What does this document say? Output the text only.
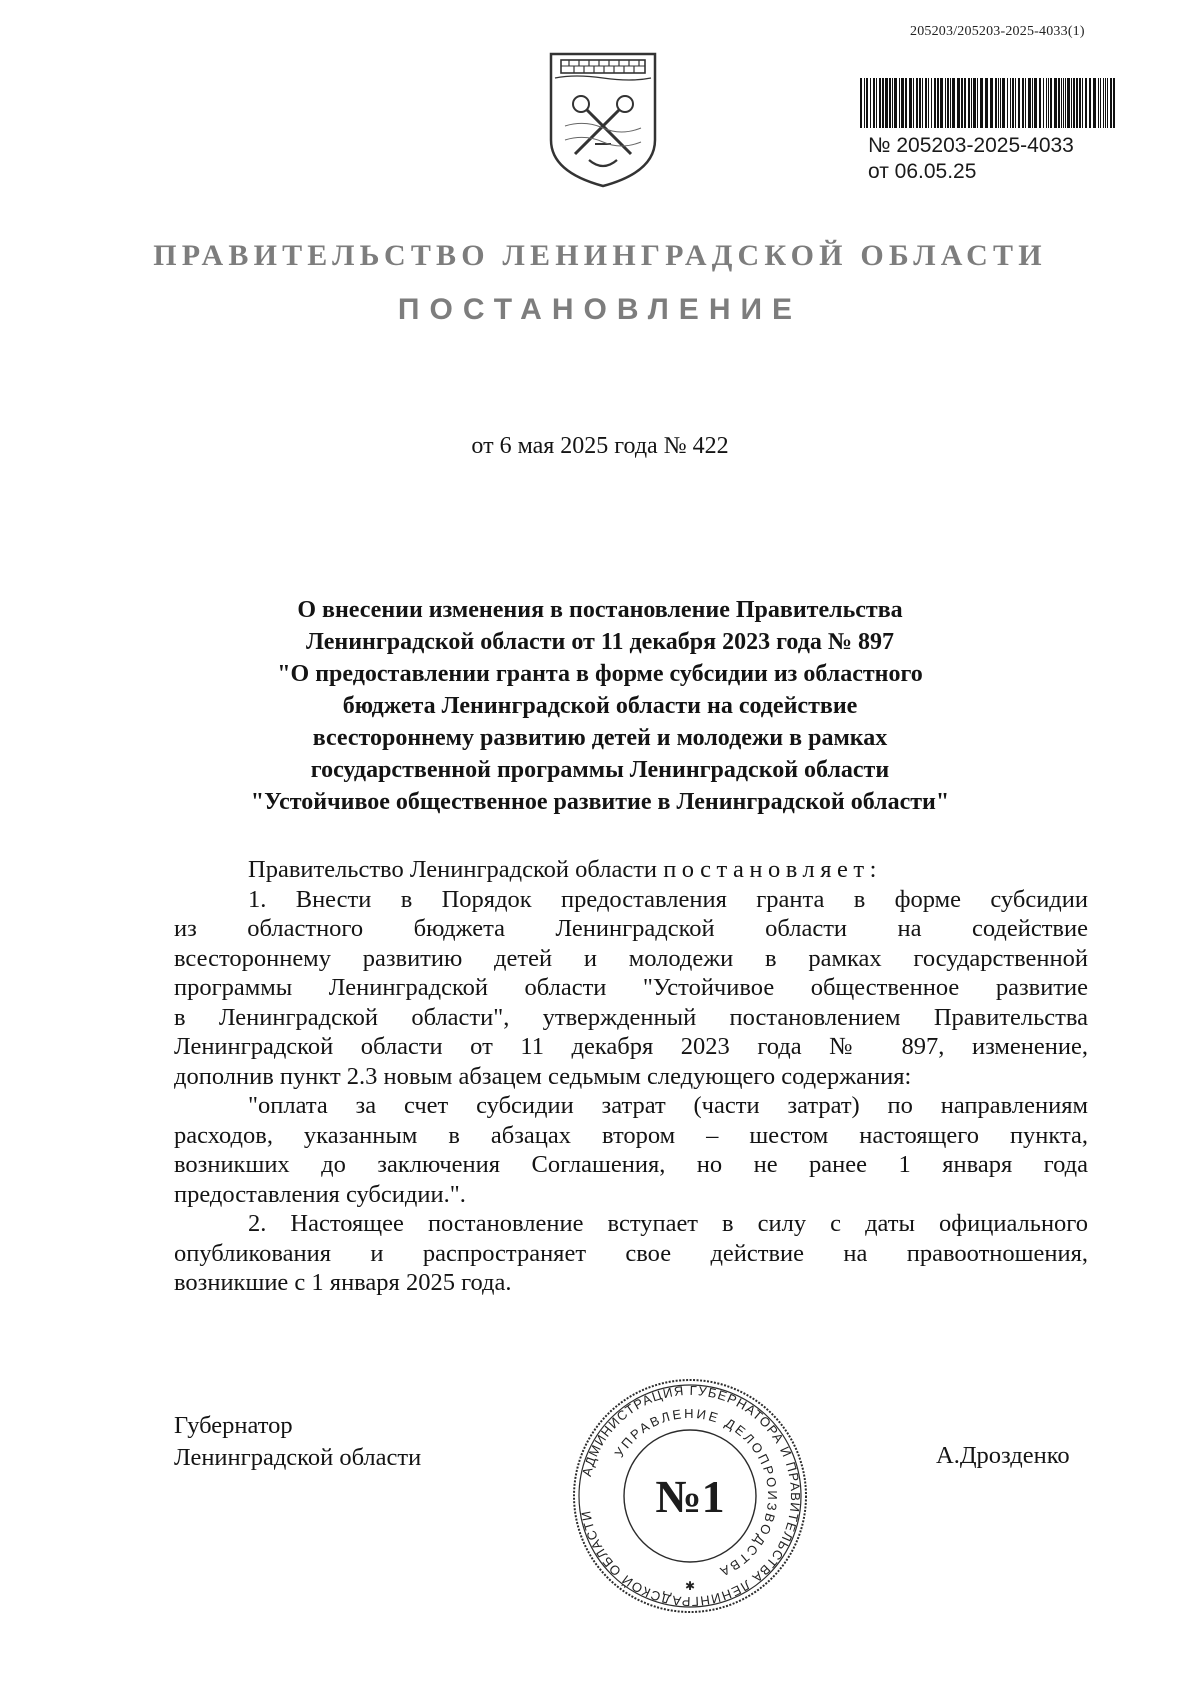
205203/205203-2025-4033(1)
№ 205203-2025-4033
от 06.05.25
ПРАВИТЕЛЬСТВО ЛЕНИНГРАДСКОЙ ОБЛАСТИ
ПОСТАНОВЛЕНИЕ
от 6 мая 2025 года № 422
О внесении изменения в постановление Правительства
Ленинградской области от 11 декабря 2023 года № 897
"О предоставлении гранта в форме субсидии из областного
бюджета Ленинградской области на содействие
всестороннему развитию детей и молодежи в рамках
государственной программы Ленинградской области
"Устойчивое общественное развитие в Ленинградской области"
Правительство Ленинградской области постановляет:
1. Внести в Порядок предоставления гранта в форме субсидии
из областного бюджета Ленинградской области на содействие
всестороннему развитию детей и молодежи в рамках государственной
программы Ленинградской области "Устойчивое общественное развитие
в Ленинградской области", утвержденный постановлением Правительства
Ленинградской области от 11 декабря 2023 года № 897, изменение,
дополнив пункт 2.3 новым абзацем седьмым следующего содержания:
"оплата за счет субсидии затрат (части затрат) по направлениям
расходов, указанным в абзацах втором – шестом настоящего пункта,
возникших до заключения Соглашения, но не ранее 1 января года
предоставления субсидии.".
2. Настоящее постановление вступает в силу с даты официального
опубликования и распространяет свое действие на правоотношения,
возникшие с 1 января 2025 года.
Губернатор
Ленинградской области	А.Дрозденко
АДМИНИСТРАЦИЯ ГУБЕРНАТОРА И ПРАВИТЕЛЬСТВА ЛЕНИНГРАДСКОЙ ОБЛАСТИ
УПРАВЛЕНИЕ ДЕЛОПРОИЗВОДСТВА
№1
✱
